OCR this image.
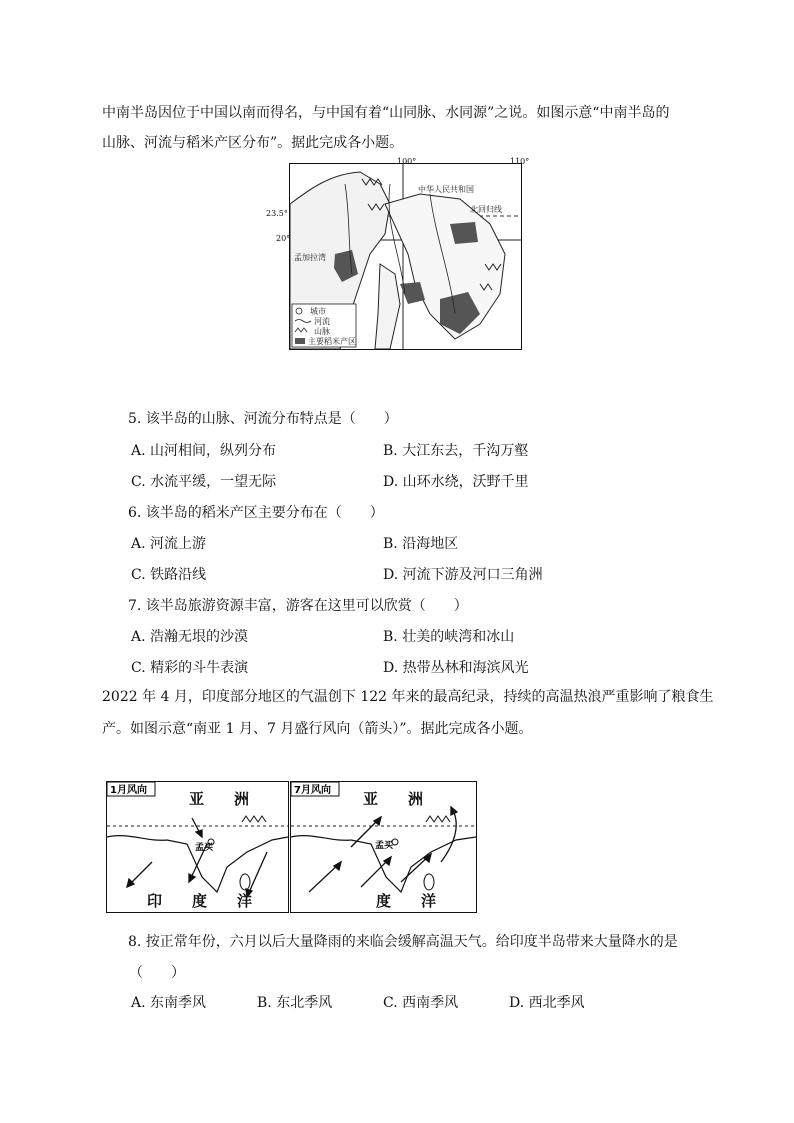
中南半岛因位于中国以南而得名，与中国有着“山同脉、水同源”之说。如图示意“中南半岛的
山脉、河流与稻米产区分布”。据此完成各小题。
城市
河流
山脉
主要稻米产区
中华人民共和国
北回归线
孟加拉湾
100°	110°
23.5°
20°
5. 该半岛的山脉、河流分布特点是（　　）
A. 山河相间，纵列分布	B. 大江东去，千沟万壑
C. 水流平缓，一望无际	D. 山环水绕，沃野千里
6. 该半岛的稻米产区主要分布在（　　）
A. 河流上游	B. 沿海地区
C. 铁路沿线	D. 河流下游及河口三角洲
7. 该半岛旅游资源丰富，游客在这里可以欣赏（　　）
A. 浩瀚无垠的沙漠	B. 壮美的峡湾和冰山
C. 精彩的斗牛表演	D. 热带丛林和海滨风光
2022 年 4 月，印度部分地区的气温创下 122 年来的最高纪录，持续的高温热浪严重影响了粮食生
产。如图示意“南亚 1 月、7 月盛行风向（箭头）”。据此完成各小题。
1月风向	亚　　洲
孟买
印　　度　　洋
7月风向 亚　　洲
孟买
度　　洋
8. 按正常年份，六月以后大量降雨的来临会缓解高温天气。给印度半岛带来大量降水的是
（　　）
A. 东南季风	B. 东北季风	C. 西南季风	D. 西北季风
